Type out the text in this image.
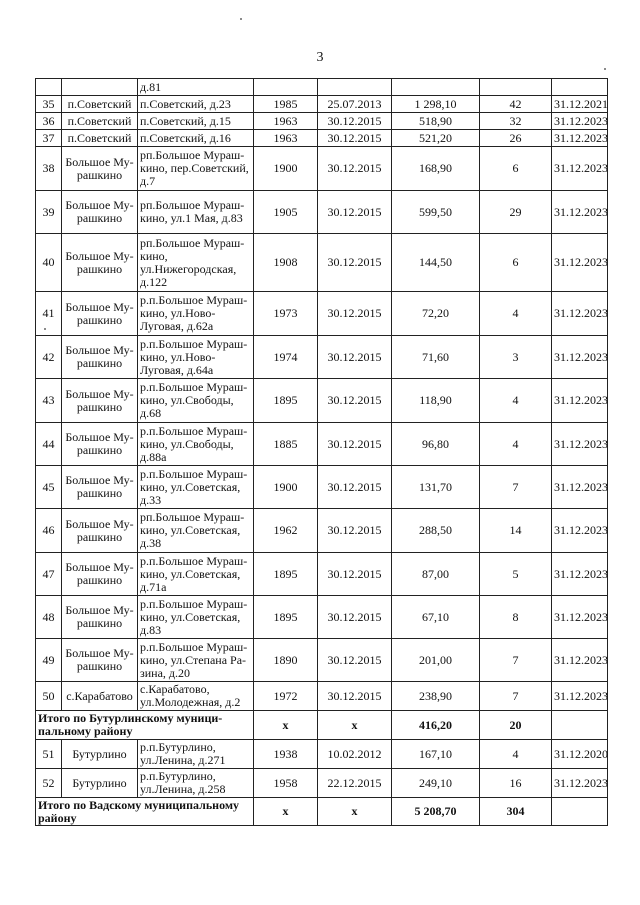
3
		д.81					
35	п.Советский	п.Советский, д.23	1985	25.07.2013	1 298,10	42	31.12.2021
36	п.Советский	п.Советский, д.15	1963	30.12.2015	518,90	32	31.12.2023
37	п.Советский	п.Советский, д.16	1963	30.12.2015	521,20	26	31.12.2023
38	Большое Му-
рашкино	рп.Большое Мураш-
кино, пер.Советский,
д.7	1900	30.12.2015	168,90	6	31.12.2023
39	Большое Му-
рашкино	рп.Большое Мураш-
кино, ул.1 Мая, д.83	1905	30.12.2015	599,50	29	31.12.2023
40	Большое Му-
рашкино	рп.Большое Мураш-
кино,
ул.Нижегородская,
д.122	1908	30.12.2015	144,50	6	31.12.2023
41	Большое Му-
рашкино	р.п.Большое Мураш-
кино, ул.Ново-
Луговая, д.62а	1973	30.12.2015	72,20	4	31.12.2023
42	Большое Му-
рашкино	р.п.Большое Мураш-
кино, ул.Ново-
Луговая, д.64а	1974	30.12.2015	71,60	3	31.12.2023
43	Большое Му-
рашкино	р.п.Большое Мураш-
кино, ул.Свободы,
д.68	1895	30.12.2015	118,90	4	31.12.2023
44	Большое Му-
рашкино	р.п.Большое Мураш-
кино, ул.Свободы,
д.88а	1885	30.12.2015	96,80	4	31.12.2023
45	Большое Му-
рашкино	р.п.Большое Мураш-
кино, ул.Советская,
д.33	1900	30.12.2015	131,70	7	31.12.2023
46	Большое Му-
рашкино	рп.Большое Мураш-
кино, ул.Советская,
д.38	1962	30.12.2015	288,50	14	31.12.2023
47	Большое Му-
рашкино	р.п.Большое Мураш-
кино, ул.Советская,
д.71а	1895	30.12.2015	87,00	5	31.12.2023
48	Большое Му-
рашкино	р.п.Большое Мураш-
кино, ул.Советская,
д.83	1895	30.12.2015	67,10	8	31.12.2023
49	Большое Му-
рашкино	р.п.Большое Мураш-
кино, ул.Степана Ра-
зина, д.20	1890	30.12.2015	201,00	7	31.12.2023
50	с.Карабатово	с.Карабатово,
ул.Молодежная, д.2	1972	30.12.2015	238,90	7	31.12.2023
Итого по Бутурлинскому муници-
пальному району			х	х	416,20	20	
51	Бутурлино	р.п.Бутурлино,
ул.Ленина, д.271	1938	10.02.2012	167,10	4	31.12.2020
52	Бутурлино	р.п.Бутурлино,
ул.Ленина, д.258	1958	22.12.2015	249,10	16	31.12.2023
Итого по Вадскому муниципальному
району			х	х	5 208,70	304	
